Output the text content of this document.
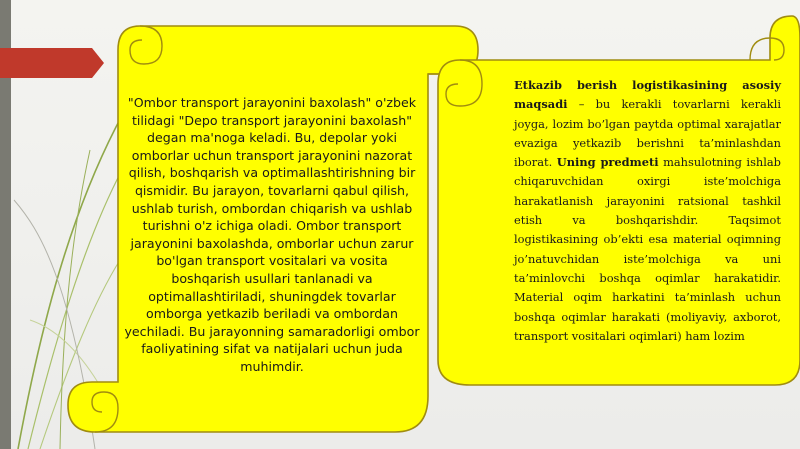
"Ombor transport jarayonini baxolash" o'zbek tilidagi "Depo transport jarayonini baxolash" degan ma'noga keladi. Bu, depolar yoki omborlar uchun transport jarayonini nazorat qilish, boshqarish va optimallashtirishning bir qismidir. Bu jarayon, tovarlarni qabul qilish, ushlab turish, ombordan chiqarish va ushlab turishni o'z ichiga oladi. Ombor transport jarayonini baxolashda, omborlar uchun zarur bo'lgan transport vositalari va vosita boshqarish usullari tanlanadi va optimallashtiriladi, shuningdek tovarlar omborga yetkazib beriladi va ombordan yechiladi. Bu jarayonning samaradorligi ombor faoliyatining sifat va natijalari uchun juda muhimdir.

Etkazib berish logistikasining asosiy maqsadi – bu kerakli tovarlarni kerakli joyga, lozim bo’lgan paytda optimal xarajatlar evaziga yetkazib berishni ta’minlashdan iborat. Uning predmeti mahsulotning ishlab chiqaruvchidan oxirgi iste’molchiga harakatlanish jarayonini ratsional tashkil etish va boshqarishdir. Taqsimot logistikasining ob’ekti esa material oqimning jo’natuvchidan iste’molchiga va uni ta’minlovchi boshqa oqimlar harakatidir. Material oqim harkatini ta’minlash uchun boshqa oqimlar harakati (moliyaviy, axborot, transport vositalari oqimlari) ham lozim
